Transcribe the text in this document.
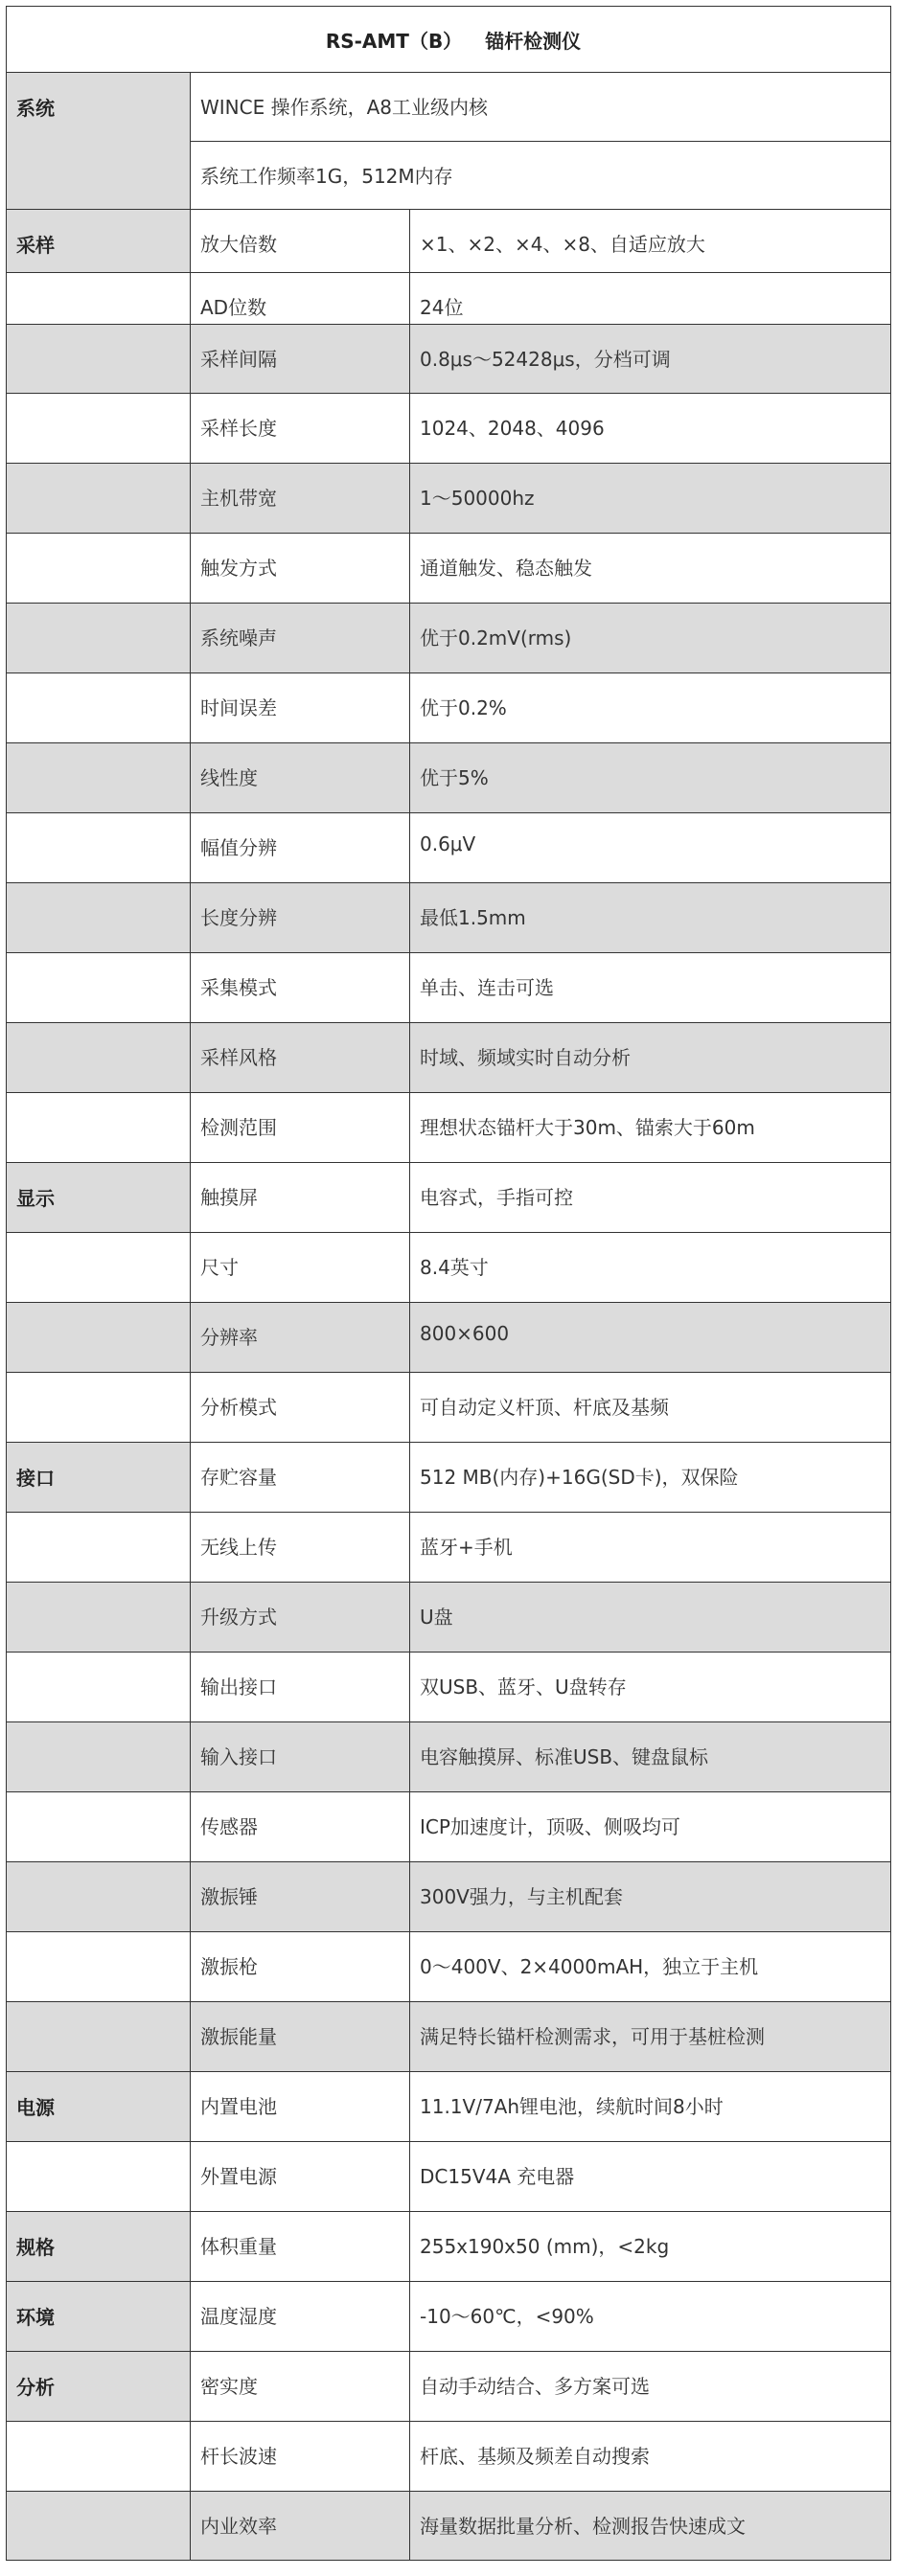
RS-AMT（B） 锚杆检测仪		
系统	WINCE 操作系统，A8工业级内核	
	系统工作频率1G，512M内存	
采样	放大倍数	×1、×2、×4、×8、自适应放大
	AD位数	24位
	采样间隔	0.8μs～52428μs，分档可调
	采样长度	1024、2048、4096
	主机带宽	1～50000hz
	触发方式	通道触发、稳态触发
	系统噪声	优于0.2mV(rms)
	时间误差	优于0.2%
	线性度	优于5%
	幅值分辨	0.6μV
	长度分辨	最低1.5mm
	采集模式	单击、连击可选
	采样风格	时域、频域实时自动分析
	检测范围	理想状态锚杆大于30m、锚索大于60m
显示	触摸屏	电容式，手指可控
	尺寸	8.4英寸
	分辨率	800×600
	分析模式	可自动定义杆顶、杆底及基频
接口	存贮容量	512 MB(内存)+16G(SD卡)，双保险
	无线上传	蓝牙+手机
	升级方式	U盘
	输出接口	双USB、蓝牙、U盘转存
	输入接口	电容触摸屏、标准USB、键盘鼠标
	传感器	ICP加速度计，顶吸、侧吸均可
	激振锤	300V强力，与主机配套
	激振枪	0～400V、2×4000mAH，独立于主机
	激振能量	满足特长锚杆检测需求，可用于基桩检测
电源	内置电池	11.1V/7Ah锂电池，续航时间8小时
	外置电源	DC15V4A 充电器
规格	体积重量	255x190x50 (mm)，<2kg
环境	温度湿度	-10～60℃，<90%
分析	密实度	自动手动结合、多方案可选
	杆长波速	杆底、基频及频差自动搜索
	内业效率	海量数据批量分析、检测报告快速成文
